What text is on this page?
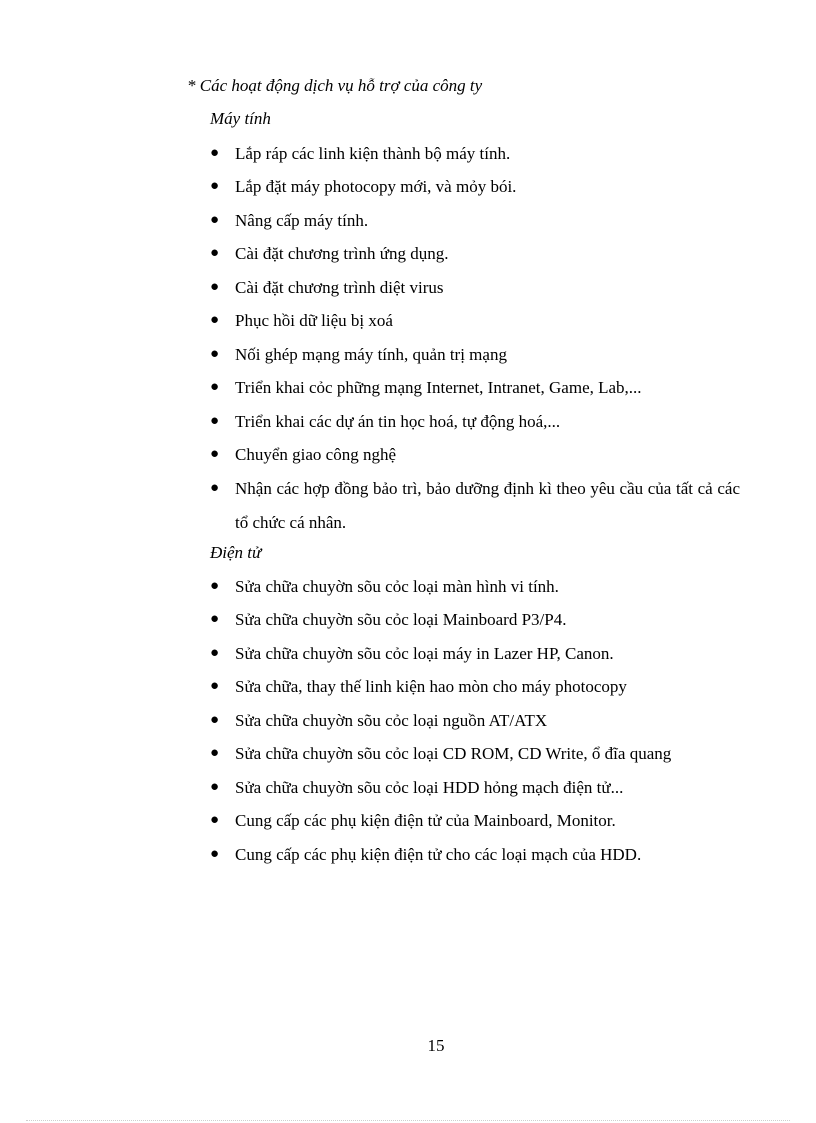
* Các hoạt động dịch vụ hỗ trợ của công ty
Máy tính
● Lắp ráp các linh kiện thành bộ máy tính.
● Lắp đặt máy photocopy mới, và mỏy bói.
● Nâng cấp máy tính.
● Cài đặt chương trình ứng dụng.
● Cài đặt chương trình diệt virus
● Phục hồi dữ liệu bị xoá
● Nối ghép mạng máy tính, quản trị mạng
● Triển khai cỏc phững mạng Internet, Intranet, Game, Lab,...
● Triển khai các dự án tin học hoá, tự động hoá,...
● Chuyển giao công nghệ
● Nhận các hợp đồng bảo trì, bảo dưỡng định kì theo yêu cầu của tất cả các tổ chức cá nhân.
Điện tử
● Sửa chữa chuyờn sõu cỏc loại màn hình vi tính.
● Sửa chữa chuyờn sõu cỏc loại Mainboard P3/P4.
● Sửa chữa chuyờn sõu cỏc loại máy in Lazer HP, Canon.
● Sửa chữa, thay thế linh kiện hao mòn cho máy photocopy
● Sửa chữa chuyờn sõu cỏc loại nguồn AT/ATX
● Sửa chữa chuyờn sõu cỏc loại CD ROM, CD Write, ổ đĩa quang
● Sửa chữa chuyờn sõu cỏc loại HDD hỏng mạch điện tử...
● Cung cấp các phụ kiện điện tử của Mainboard, Monitor.
● Cung cấp các phụ kiện điện tử cho các loại mạch của HDD.
15
